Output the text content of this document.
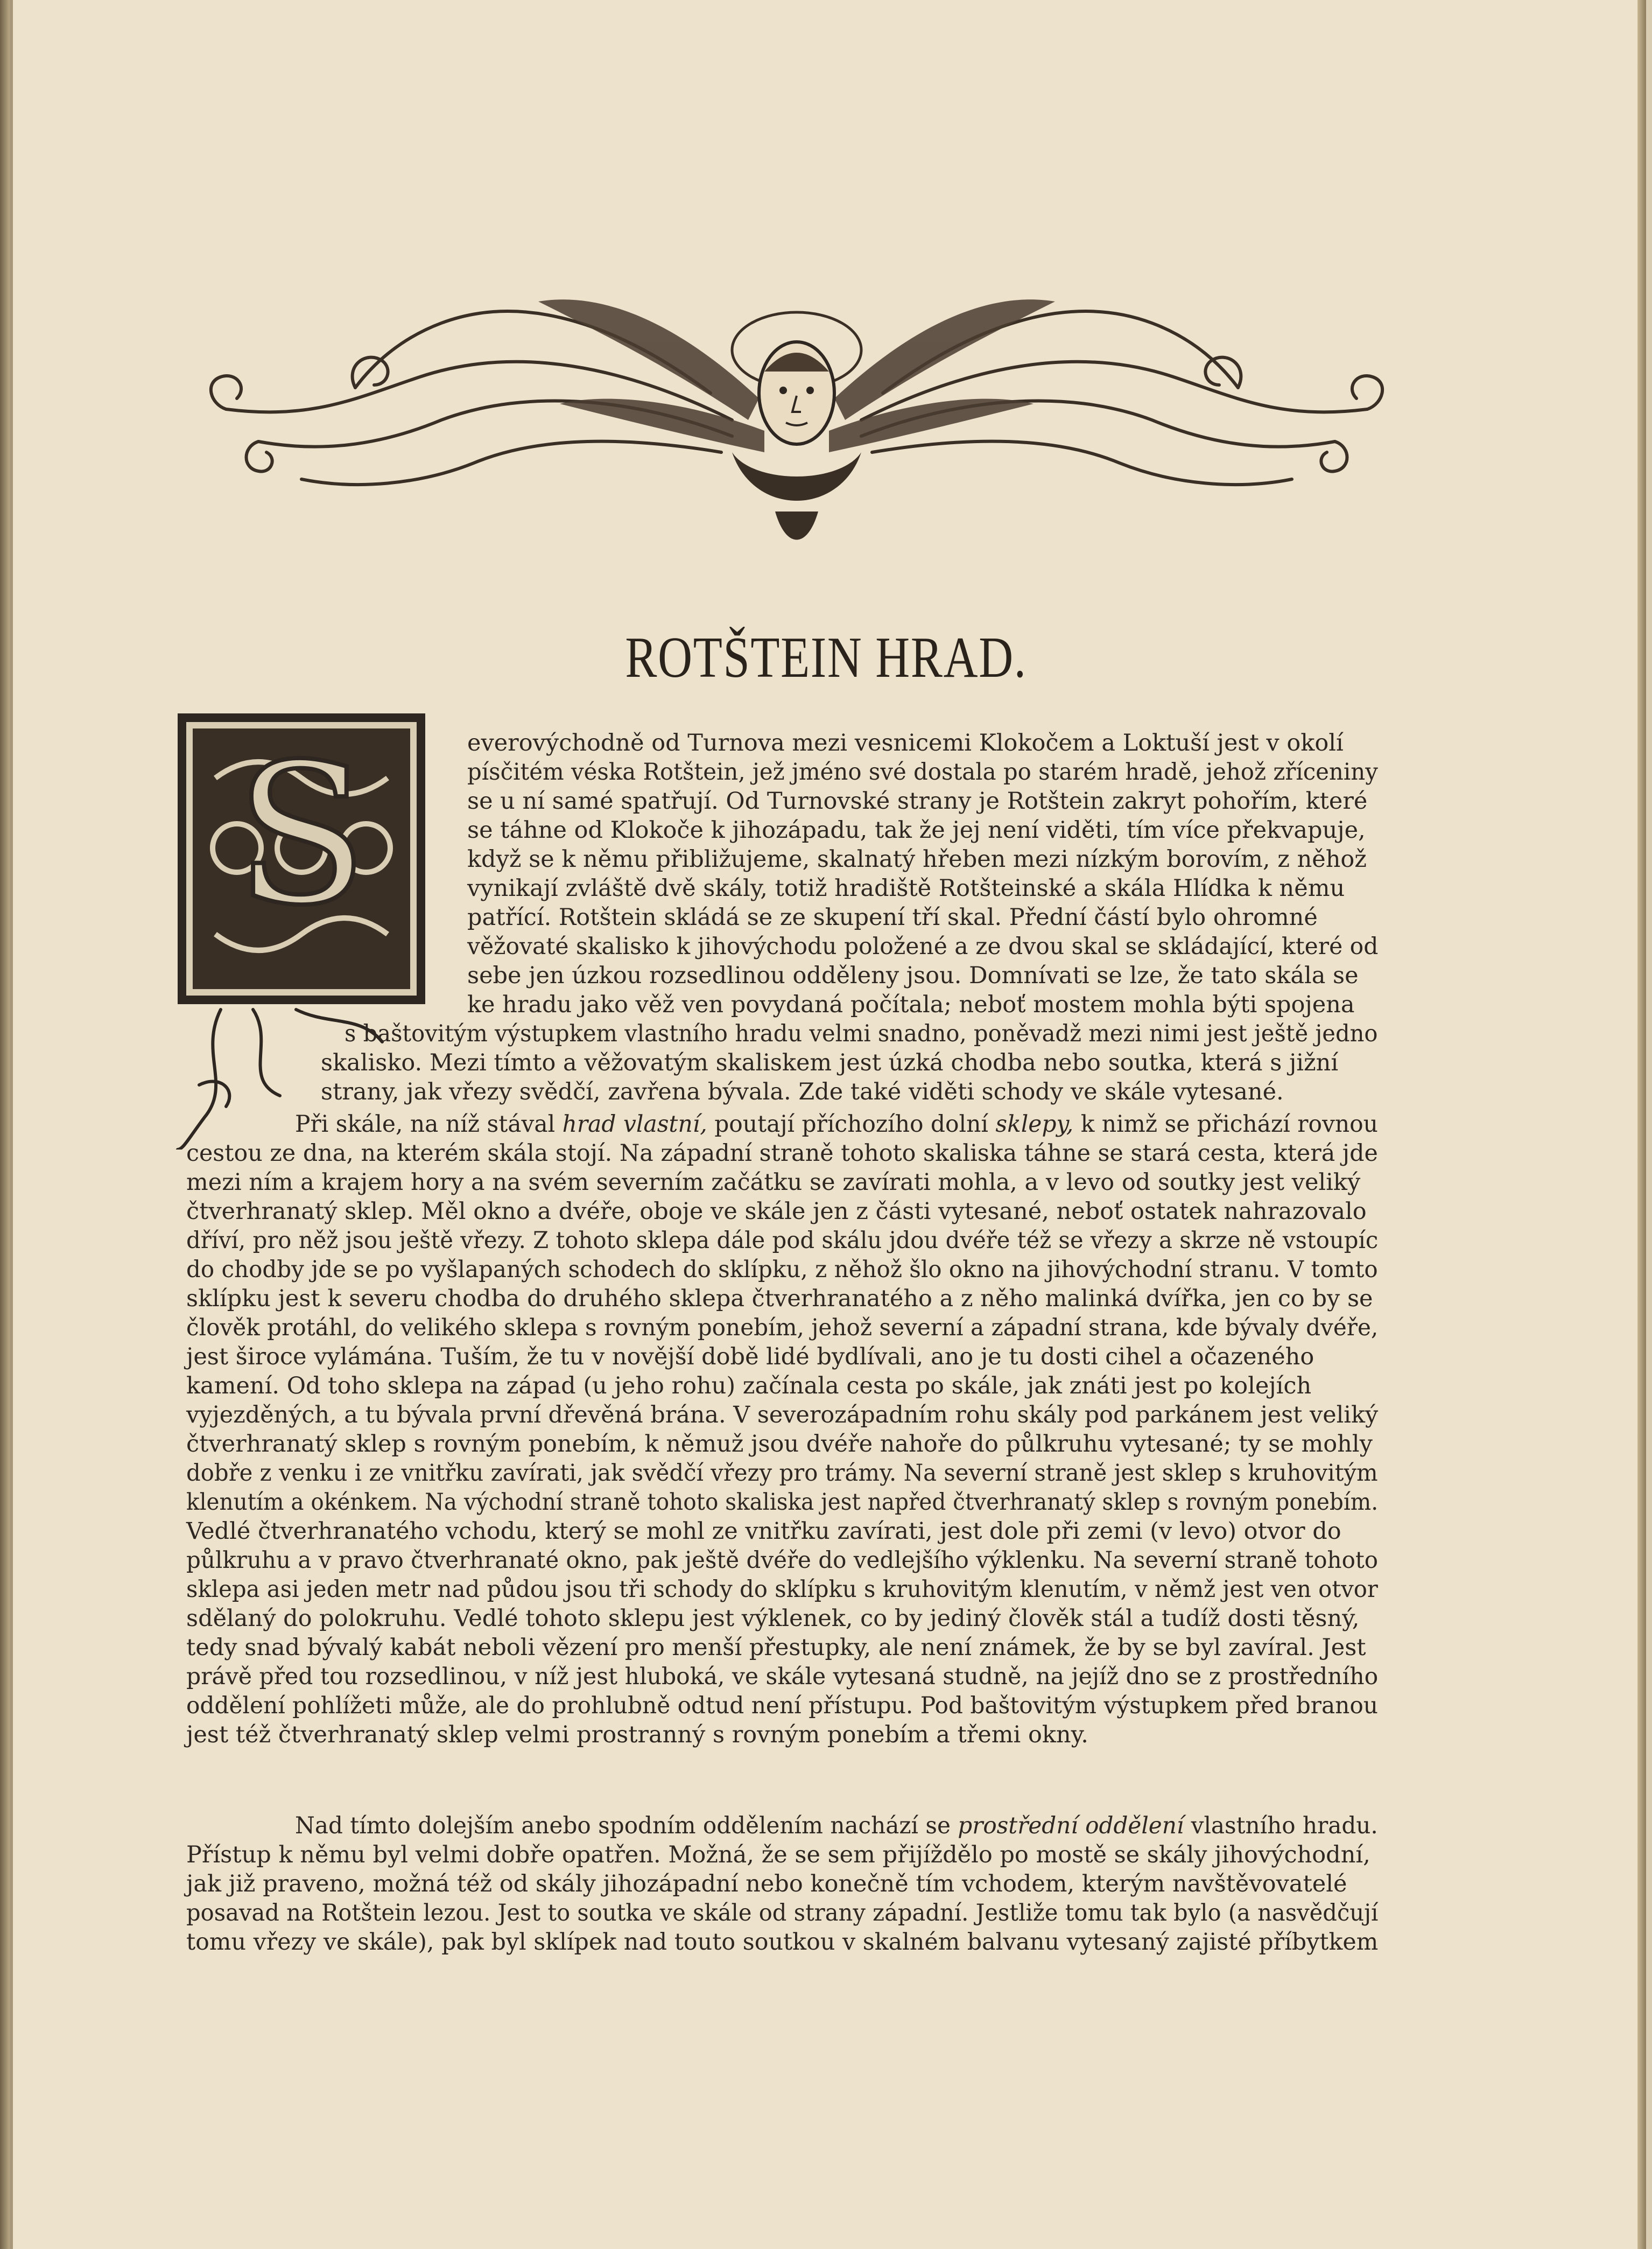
ROTŠTEIN HRAD.
S	everovýchodně od Turnova mezi vesnicemi Klokočem a Loktuší jest v okolí
písčitém véska Rotštein, jež jméno své dostala po starém hradě, jehož zříceniny
se u ní samé spatřují. Od Turnovské strany je Rotštein zakryt pohořím, které
se táhne od Klokoče k jihozápadu, tak že jej není viděti, tím více překvapuje,
když se k němu přibližujeme, skalnatý hřeben mezi nízkým borovím, z něhož
vynikají zvláště dvě skály, totiž hradiště Rotšteinské a skála Hlídka k němu
patřící. Rotštein skládá se ze skupení tří skal. Přední částí bylo ohromné
věžovaté skalisko k jihovýchodu položené a ze dvou skal se skládající, které od
sebe jen úzkou rozsedlinou odděleny jsou. Domnívati se lze, že tato skála se
ke hradu jako věž ven povydaná počítala; neboť mostem mohla býti spojena
s baštovitým výstupkem vlastního hradu velmi snadno, poněvadž mezi nimi jest ještě jedno
skalisko. Mezi tímto a věžovatým skaliskem jest úzká chodba nebo soutka, která s jižní
strany, jak vřezy svědčí, zavřena bývala. Zde také viděti schody ve skále vytesané.
Při skále, na níž stával hrad vlastní, poutají příchozího dolní sklepy, k nimž se přichází rovnou
cestou ze dna, na kterém skála stojí. Na západní straně tohoto skaliska táhne se stará cesta, která jde
mezi ním a krajem hory a na svém severním začátku se zavírati mohla, a v levo od soutky jest veliký
čtverhranatý sklep. Měl okno a dvéře, oboje ve skále jen z části vytesané, neboť ostatek nahrazovalo
dříví, pro něž jsou ještě vřezy. Z tohoto sklepa dále pod skálu jdou dvéře též se vřezy a skrze ně vstoupíc
do chodby jde se po vyšlapaných schodech do sklípku, z něhož šlo okno na jihovýchodní stranu. V tomto
sklípku jest k severu chodba do druhého sklepa čtverhranatého a z něho malinká dvířka, jen co by se
člověk protáhl, do velikého sklepa s rovným ponebím, jehož severní a západní strana, kde bývaly dvéře,
jest široce vylámána. Tuším, že tu v novější době lidé bydlívali, ano je tu dosti cihel a očazeného
kamení. Od toho sklepa na západ (u jeho rohu) začínala cesta po skále, jak znáti jest po kolejích
vyjezděných, a tu bývala první dřevěná brána. V severozápadním rohu skály pod parkánem jest veliký
čtverhranatý sklep s rovným ponebím, k němuž jsou dvéře nahoře do půlkruhu vytesané; ty se mohly
dobře z venku i ze vnitřku zavírati, jak svědčí vřezy pro trámy. Na severní straně jest sklep s kruhovitým
klenutím a okénkem. Na východní straně tohoto skaliska jest napřed čtverhranatý sklep s rovným ponebím.
Vedlé čtverhranatého vchodu, který se mohl ze vnitřku zavírati, jest dole při zemi (v levo) otvor do
půlkruhu a v pravo čtverhranaté okno, pak ještě dvéře do vedlejšího výklenku. Na severní straně tohoto
sklepa asi jeden metr nad půdou jsou tři schody do sklípku s kruhovitým klenutím, v němž jest ven otvor
sdělaný do polokruhu. Vedlé tohoto sklepu jest výklenek, co by jediný člověk stál a tudíž dosti těsný,
tedy snad bývalý kabát neboli vězení pro menší přestupky, ale není známek, že by se byl zavíral. Jest
právě před tou rozsedlinou, v níž jest hluboká, ve skále vytesaná studně, na jejíž dno se z prostředního
oddělení pohlížeti může, ale do prohlubně odtud není přístupu. Pod baštovitým výstupkem před branou
jest též čtverhranatý sklep velmi prostranný s rovným ponebím a třemi okny.
Nad tímto dolejším anebo spodním oddělením nachází se prostřední oddělení vlastního hradu.
Přístup k němu byl velmi dobře opatřen. Možná, že se sem přijíždělo po mostě se skály jihovýchodní,
jak již praveno, možná též od skály jihozápadní nebo konečně tím vchodem, kterým navštěvovatelé
posavad na Rotštein lezou. Jest to soutka ve skále od strany západní. Jestliže tomu tak bylo (a nasvědčují
tomu vřezy ve skále), pak byl sklípek nad touto soutkou v skalném balvanu vytesaný zajisté příbytkem
